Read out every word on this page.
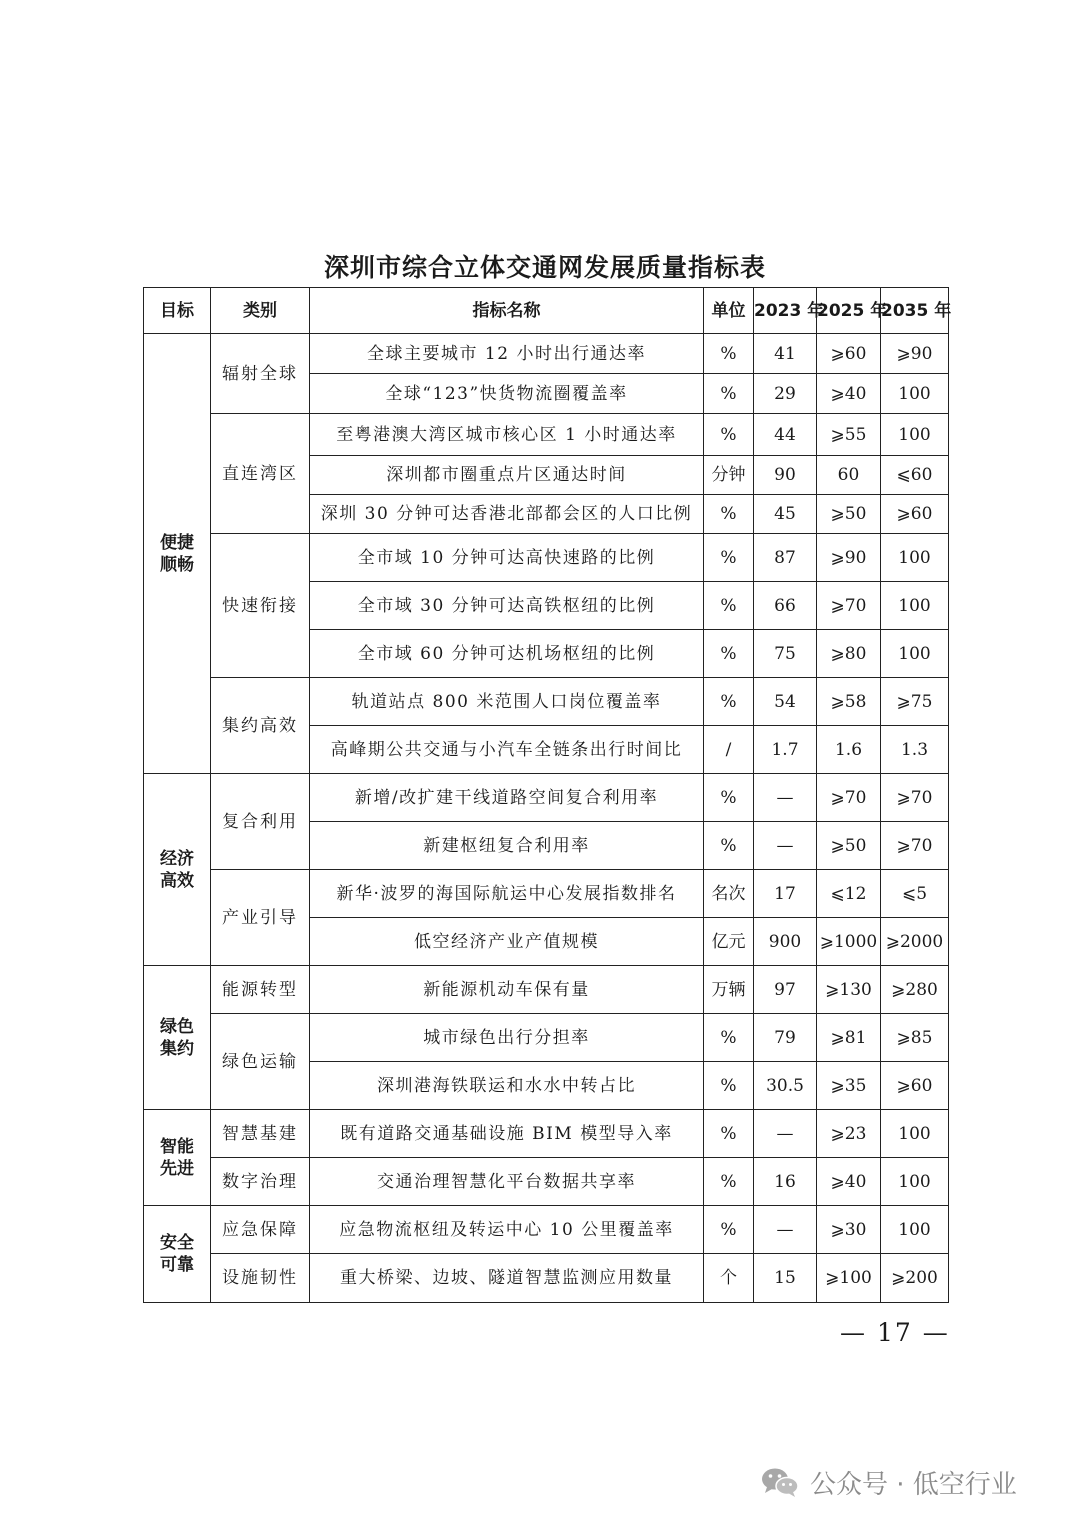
深圳市综合立体交通网发展质量指标表
目标	类别	指标名称	单位	2023 年	2025 年	2035 年

便捷
顺畅	辐射全球	全球主要城市 12 小时出行通达率	%	41	⩾60	⩾90
		全球“123”快货物流圈覆盖率	%	29	⩾40	100
	直连湾区	至粤港澳大湾区城市核心区 1 小时通达率	%	44	⩾55	100
		深圳都市圈重点片区通达时间	分钟	90	60	⩽60
		深圳 30 分钟可达香港北部都会区的人口比例	%	45	⩾50	⩾60
	快速衔接	全市域 10 分钟可达高快速路的比例	%	87	⩾90	100
		全市域 30 分钟可达高铁枢纽的比例	%	66	⩾70	100
		全市域 60 分钟可达机场枢纽的比例	%	75	⩾80	100
	集约高效	轨道站点 800 米范围人口岗位覆盖率	%	54	⩾58	⩾75
		高峰期公共交通与小汽车全链条出行时间比	/	1.7	1.6	1.3

经济
高效	复合利用	新增/改扩建干线道路空间复合利用率	%	—	⩾70	⩾70
		新建枢纽复合利用率	%	—	⩾50	⩾70
	产业引导	新华·波罗的海国际航运中心发展指数排名	名次	17	⩽12	⩽5
		低空经济产业产值规模	亿元	900	⩾1000	⩾2000

绿色
集约	能源转型	新能源机动车保有量	万辆	97	⩾130	⩾280
	绿色运输	城市绿色出行分担率	%	79	⩾81	⩾85
		深圳港海铁联运和水水中转占比	%	30.5	⩾35	⩾60

智能
先进	智慧基建	既有道路交通基础设施 BIM 模型导入率	%	—	⩾23	100
	数字治理	交通治理智慧化平台数据共享率	%	16	⩾40	100

安全
可靠	应急保障	应急物流枢纽及转运中心 10 公里覆盖率	%	—	⩾30	100
	设施韧性	重大桥梁、边坡、隧道智慧监测应用数量	个	15	⩾100	⩾200
— 17 —
公众号 · 低空行业
